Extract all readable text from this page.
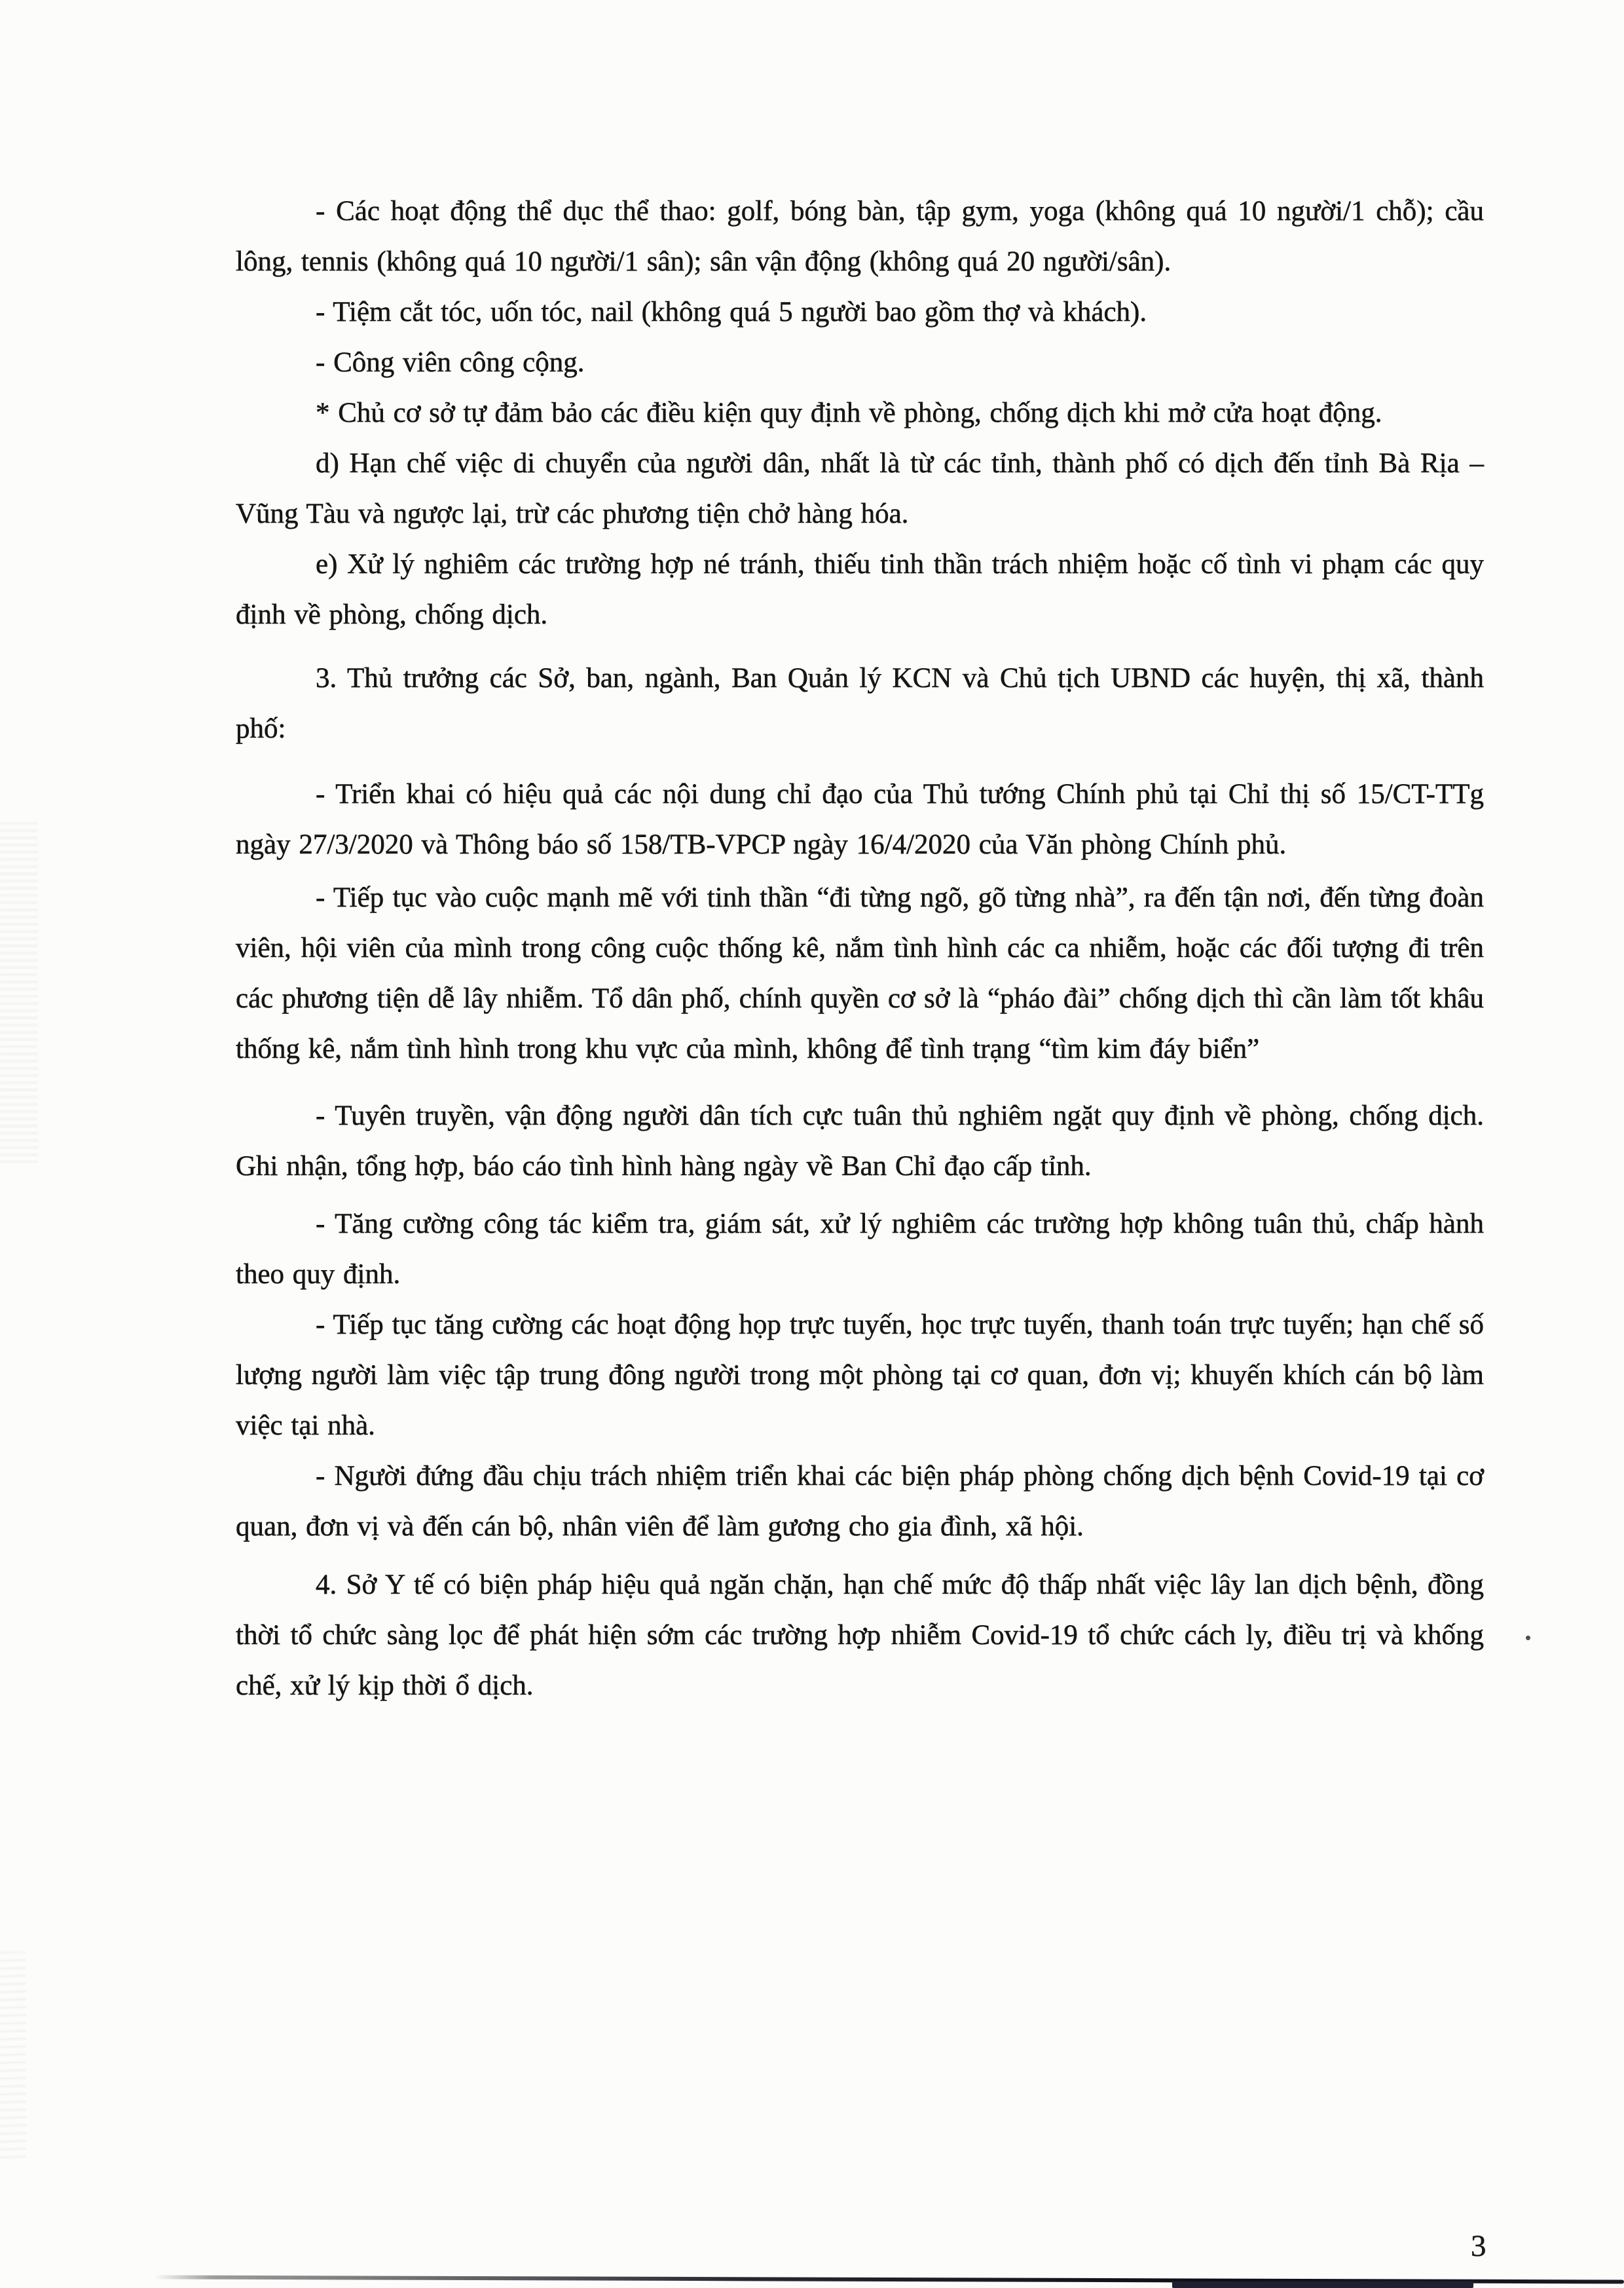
- Các hoạt động thể dục thể thao: golf, bóng bàn, tập gym, yoga (không quá 10 người/1 chỗ); cầu lông, tennis (không quá 10 người/1 sân); sân vận động (không quá 20 người/sân).

- Tiệm cắt tóc, uốn tóc, nail (không quá 5 người bao gồm thợ và khách).

- Công viên công cộng.

* Chủ cơ sở tự đảm bảo các điều kiện quy định về phòng, chống dịch khi mở cửa hoạt động.

d) Hạn chế việc di chuyển của người dân, nhất là từ các tỉnh, thành phố có dịch đến tỉnh Bà Rịa – Vũng Tàu và ngược lại, trừ các phương tiện chở hàng hóa.

e) Xử lý nghiêm các trường hợp né tránh, thiếu tinh thần trách nhiệm hoặc cố tình vi phạm các quy định về phòng, chống dịch.

3. Thủ trưởng các Sở, ban, ngành, Ban Quản lý KCN và Chủ tịch UBND các huyện, thị xã, thành phố:

- Triển khai có hiệu quả các nội dung chỉ đạo của Thủ tướng Chính phủ tại Chỉ thị số 15/CT-TTg ngày 27/3/2020 và Thông báo số 158/TB-VPCP ngày 16/4/2020 của Văn phòng Chính phủ.

- Tiếp tục vào cuộc mạnh mẽ với tinh thần “đi từng ngõ, gõ từng nhà”, ra đến tận nơi, đến từng đoàn viên, hội viên của mình trong công cuộc thống kê, nắm tình hình các ca nhiễm, hoặc các đối tượng đi trên các phương tiện dễ lây nhiễm. Tổ dân phố, chính quyền cơ sở là “pháo đài” chống dịch thì cần làm tốt khâu thống kê, nắm tình hình trong khu vực của mình, không để tình trạng “tìm kim đáy biển”

- Tuyên truyền, vận động người dân tích cực tuân thủ nghiêm ngặt quy định về phòng, chống dịch. Ghi nhận, tổng hợp, báo cáo tình hình hàng ngày về Ban Chỉ đạo cấp tỉnh.

- Tăng cường công tác kiểm tra, giám sát, xử lý nghiêm các trường hợp không tuân thủ, chấp hành theo quy định.

- Tiếp tục tăng cường các hoạt động họp trực tuyến, học trực tuyến, thanh toán trực tuyến; hạn chế số lượng người làm việc tập trung đông người trong một phòng tại cơ quan, đơn vị; khuyến khích cán bộ làm việc tại nhà.

- Người đứng đầu chịu trách nhiệm triển khai các biện pháp phòng chống dịch bệnh Covid-19 tại cơ quan, đơn vị và đến cán bộ, nhân viên để làm gương cho gia đình, xã hội.

4. Sở Y tế có biện pháp hiệu quả ngăn chặn, hạn chế mức độ thấp nhất việc lây lan dịch bệnh, đồng thời tổ chức sàng lọc để phát hiện sớm các trường hợp nhiễm Covid-19 tổ chức cách ly, điều trị và khống chế, xử lý kịp thời ổ dịch.

3
